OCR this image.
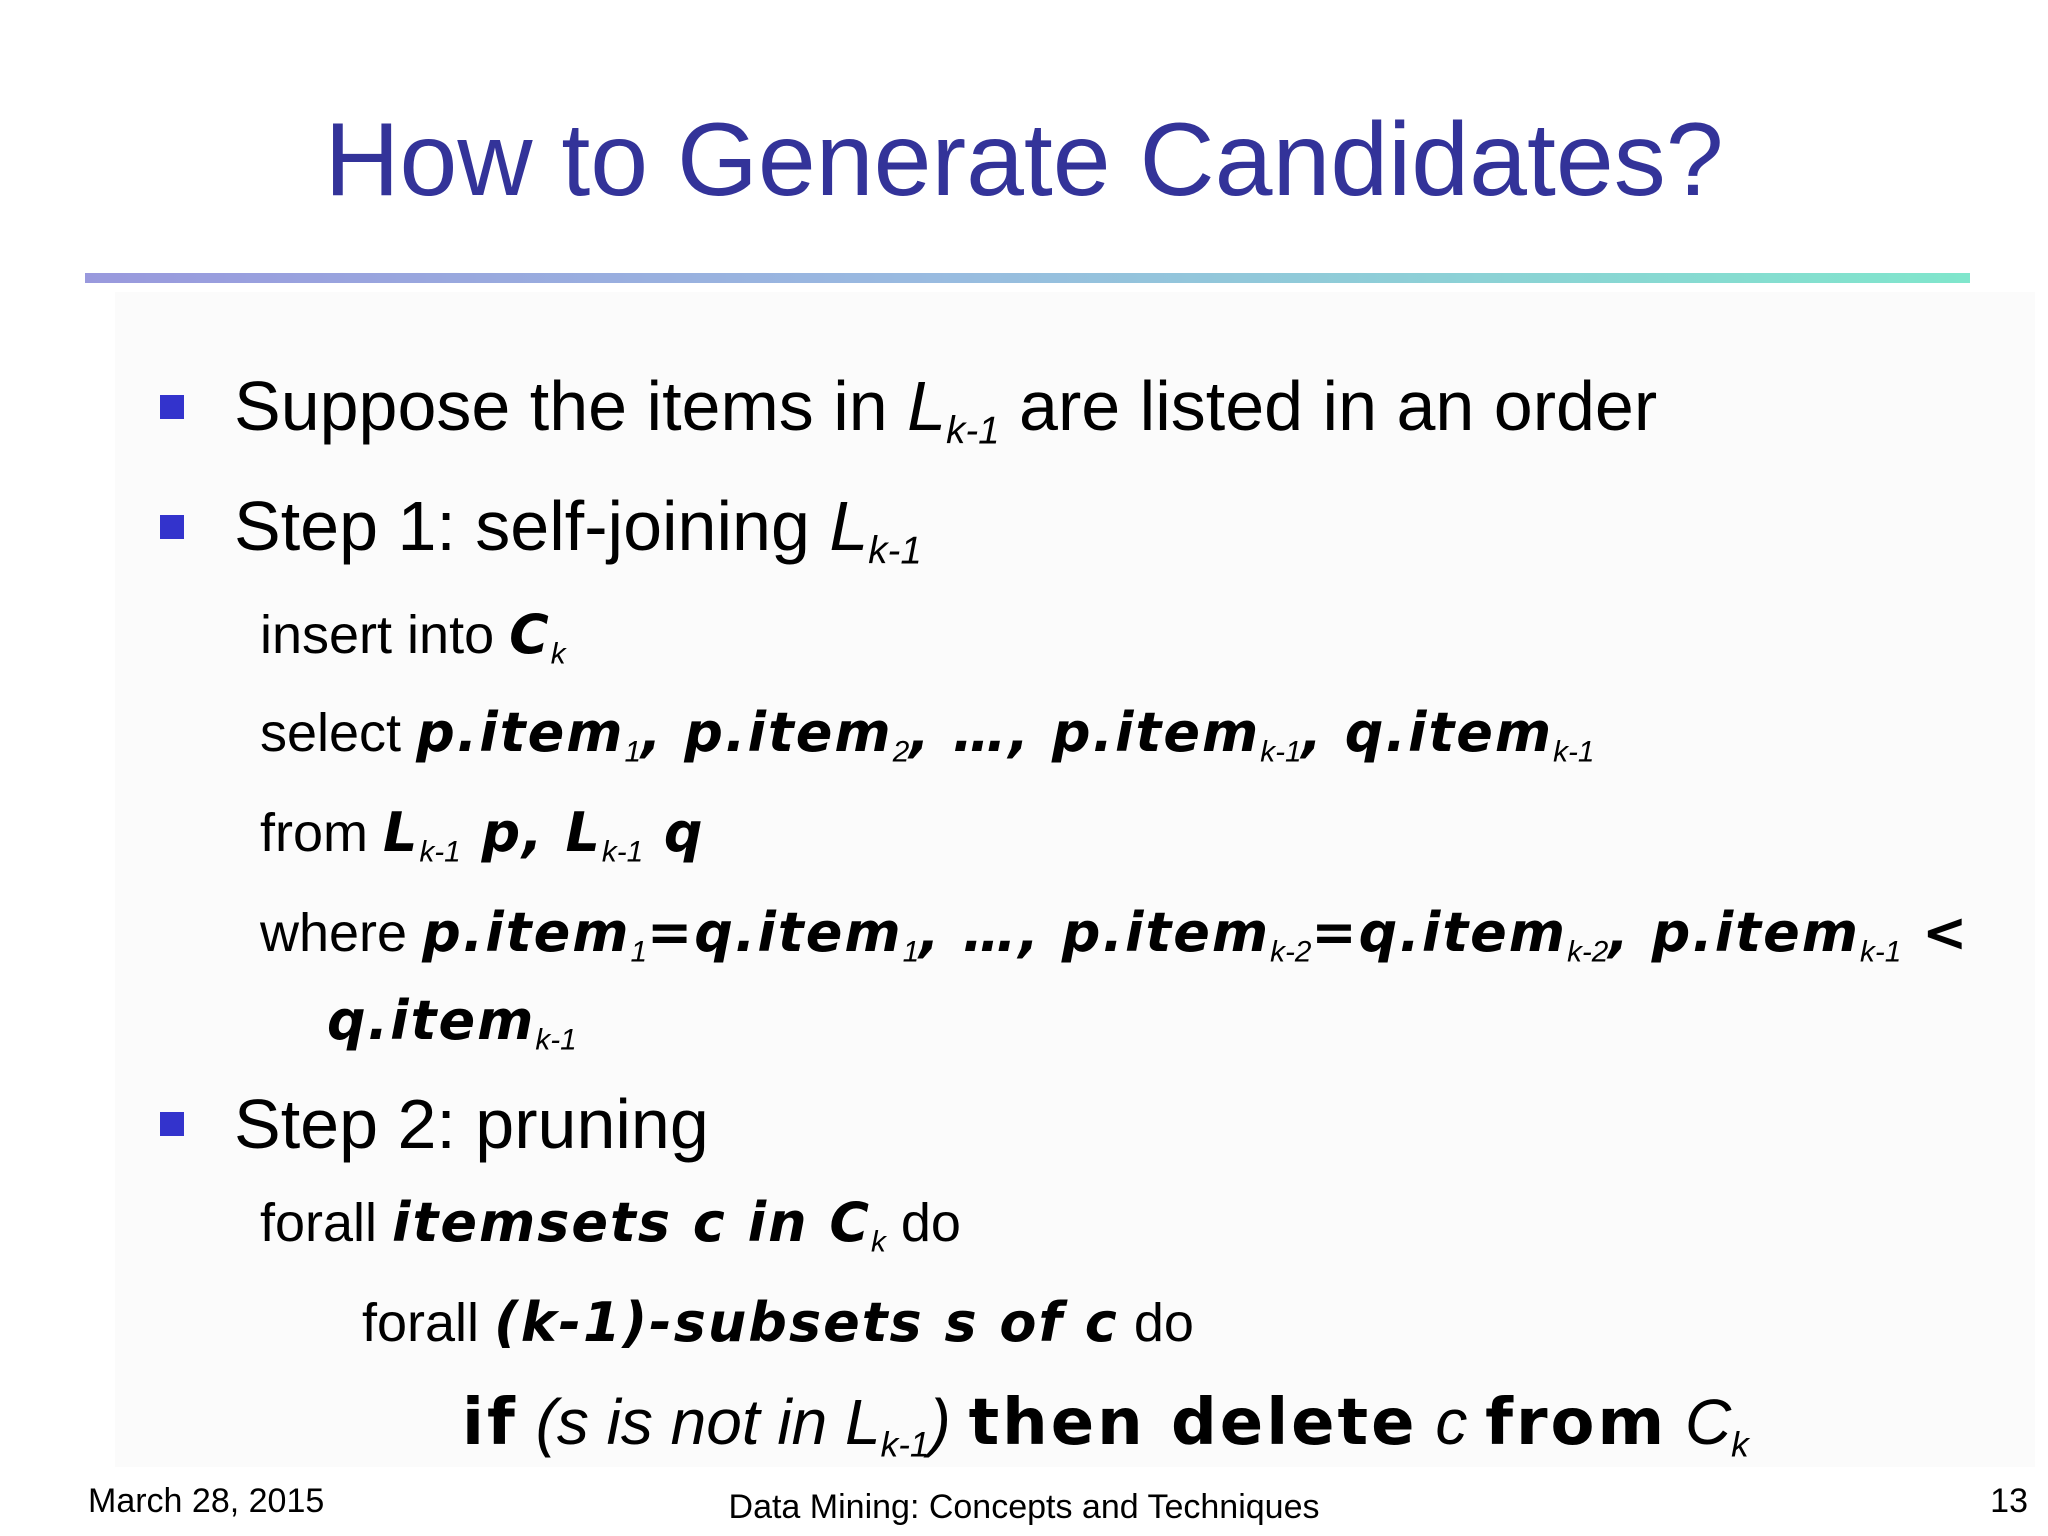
How to Generate Candidates?
Suppose the items in $L_{k-1}$ are listed in an order
Step 1: self-joining $L_{k-1}$
insert into $C_k$
select p.item$_1$, p.item$_2$, …, p.item$_{k-1}$, q.item$_{k-1}$
from $L_{k-1}$ p, $L_{k-1}$ q
where p.item$_1$=q.item$_1$, …, p.item$_{k-2}$=q.item$_{k-2}$, p.item$_{k-1}$ <
q.item$_{k-1}$
Step 2: pruning
forall itemsets c in $C_k$ do
forall (k-1)-subsets s of c do
if (s is not in $L_{k-1}$) then delete c from $C_k$
March 28, 2015	Data Mining: Concepts and Techniques	13
